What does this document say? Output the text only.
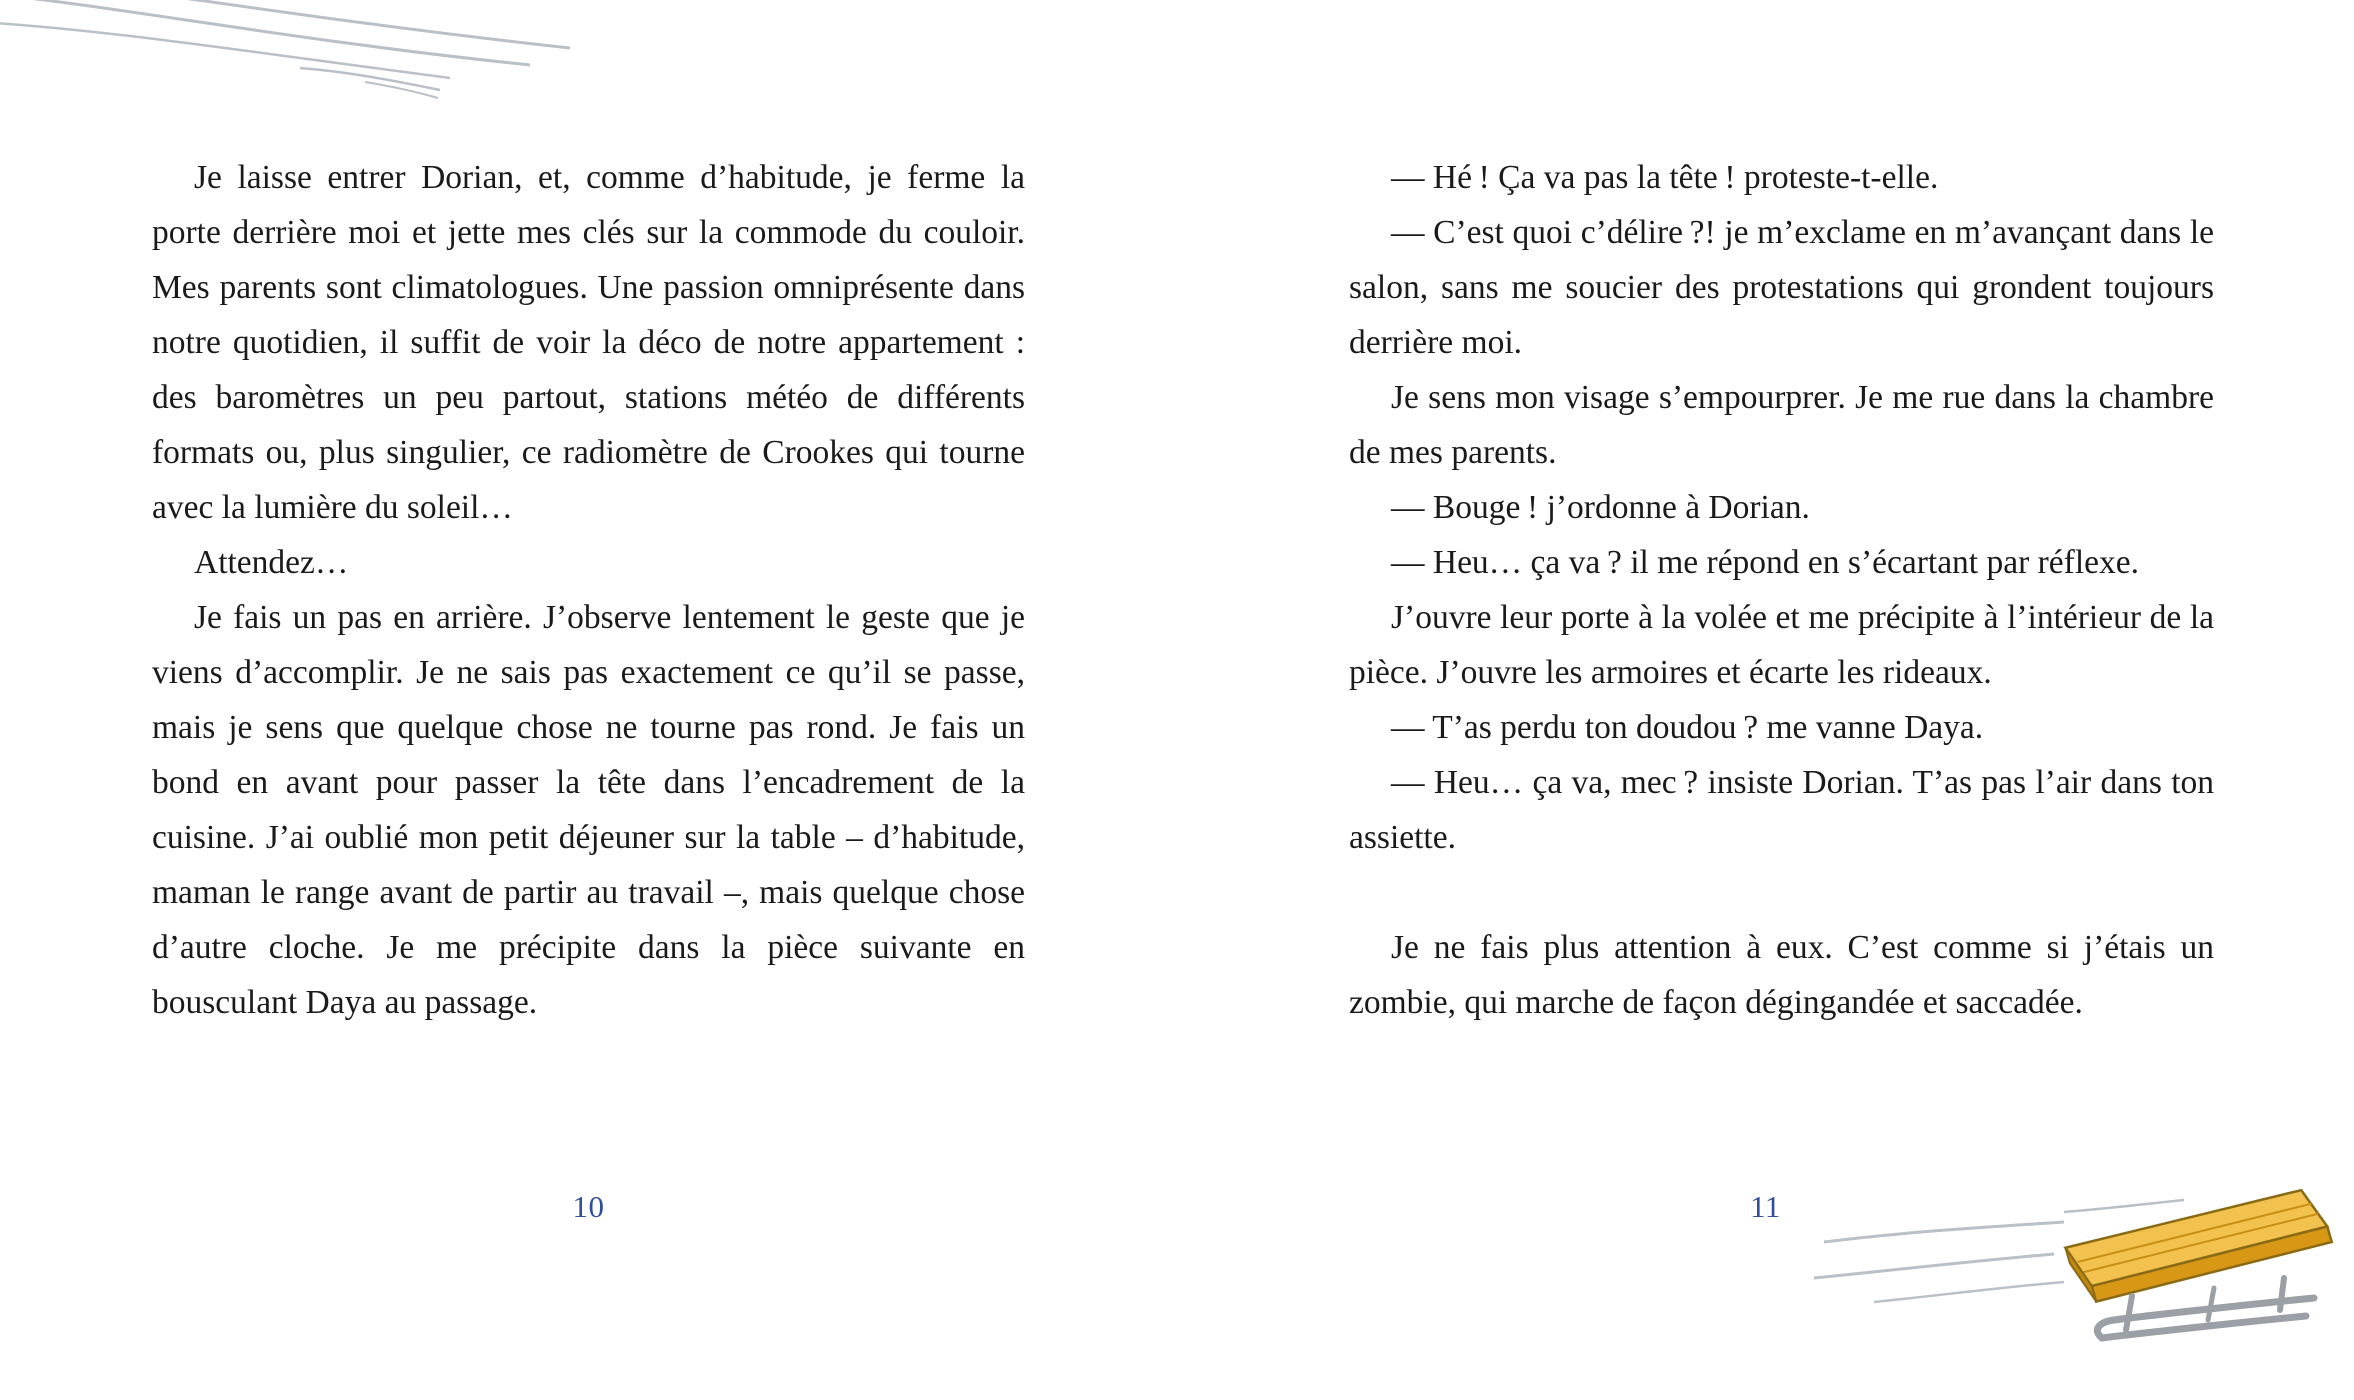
Je laisse entrer Dorian, et, comme d’habitude, je ferme la porte derrière moi et jette mes clés sur la commode du couloir. Mes parents sont climatologues. Une passion omniprésente dans notre quotidien, il suffit de voir la déco de notre appartement : des baromètres un peu partout, stations météo de différents formats ou, plus singulier, ce radiomètre de Crookes qui tourne avec la lumière du soleil…

Attendez…

Je fais un pas en arrière. J’observe lentement le geste que je viens d’accomplir. Je ne sais pas exactement ce qu’il se passe, mais je sens que quelque chose ne tourne pas rond. Je fais un bond en avant pour passer la tête dans l’encadrement de la cuisine. J’ai oublié mon petit déjeuner sur la table – d’habitude, maman le range avant de partir au travail –, mais quelque chose d’autre cloche. Je me précipite dans la pièce suivante en bousculant Daya au passage.

10

— Hé ! Ça va pas la tête ! proteste-t-elle.

— C’est quoi c’délire ?! je m’exclame en m’avançant dans le salon, sans me soucier des protestations qui grondent toujours derrière moi.

Je sens mon visage s’empourprer. Je me rue dans la chambre de mes parents.

— Bouge ! j’ordonne à Dorian.

— Heu… ça va ? il me répond en s’écartant par réflexe.

J’ouvre leur porte à la volée et me précipite à l’intérieur de la pièce. J’ouvre les armoires et écarte les rideaux.

— T’as perdu ton doudou ? me vanne Daya.

— Heu… ça va, mec ? insiste Dorian. T’as pas l’air dans ton assiette.

Je ne fais plus attention à eux. C’est comme si j’étais un zombie, qui marche de façon dégingandée et saccadée.

11
